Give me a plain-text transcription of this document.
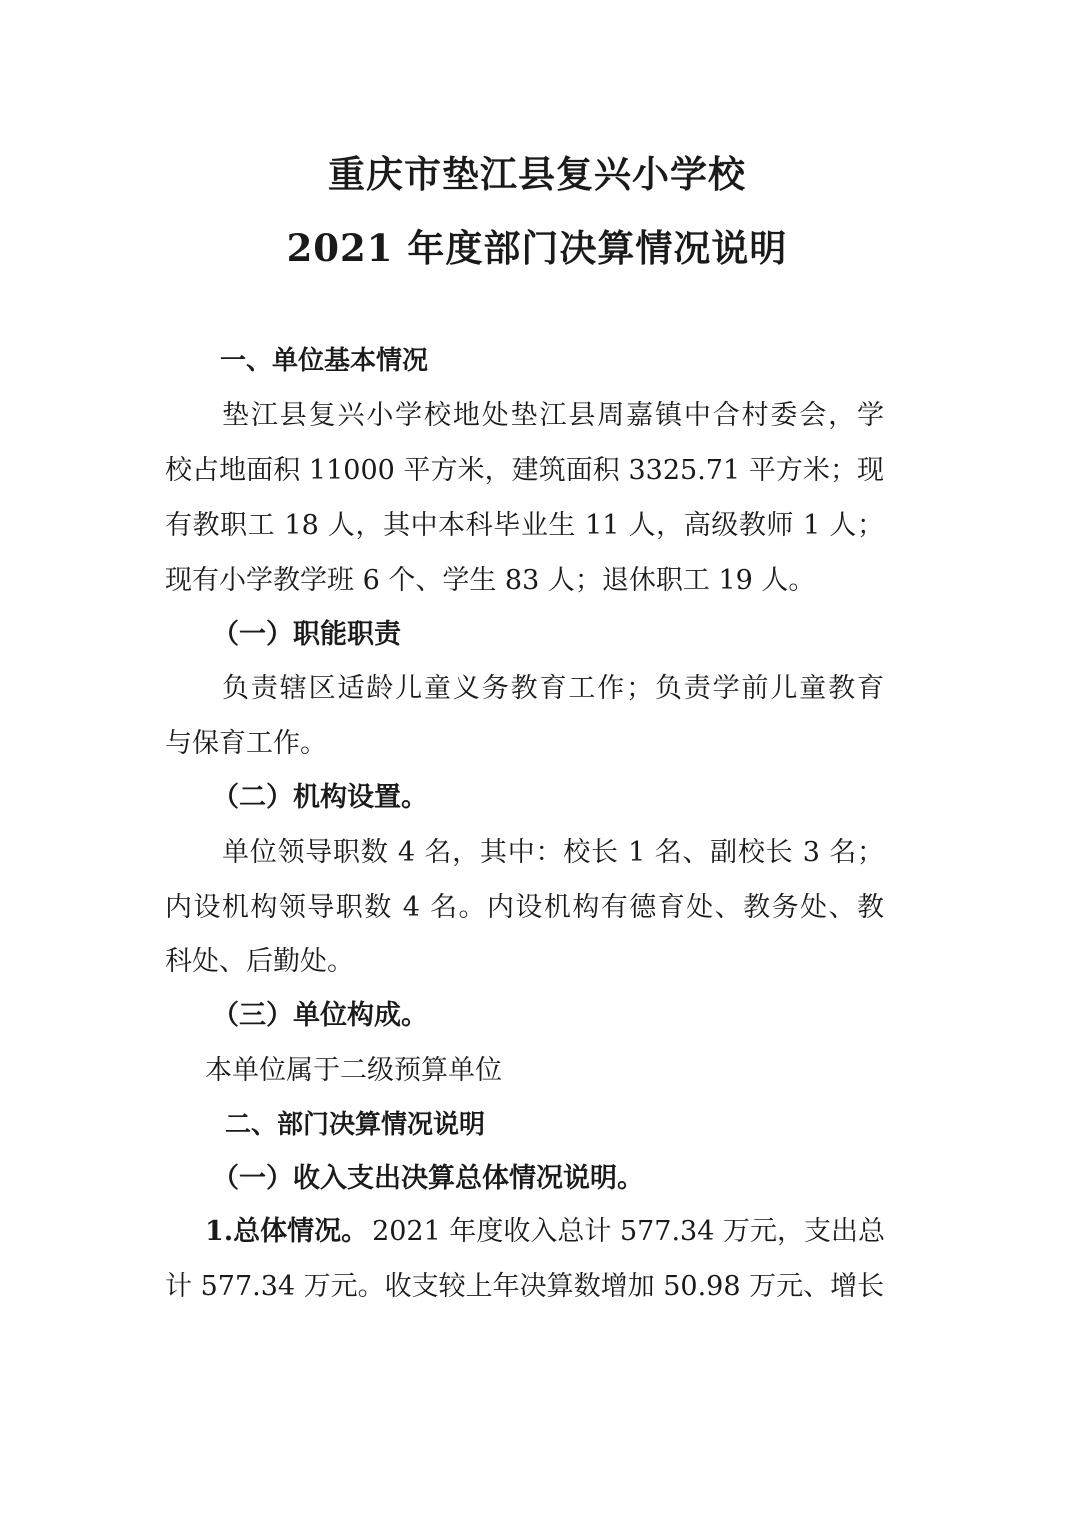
重庆市垫江县复兴小学校
2021 年度部门决算情况说明
一、单位基本情况
垫江县复兴小学校地处垫江县周嘉镇中合村委会，学
校占地面积 11000 平方米，建筑面积 3325.71 平方米；现
有教职工 18 人，其中本科毕业生 11 人，高级教师 1 人；
现有小学教学班 6 个、学生 83 人；退休职工 19 人。
（一）职能职责
负责辖区适龄儿童义务教育工作；负责学前儿童教育
与保育工作。
（二）机构设置。
单位领导职数 4 名，其中：校长 1 名、副校长 3 名；
内设机构领导职数 4 名。内设机构有德育处、教务处、教
科处、后勤处。
（三）单位构成。
本单位属于二级预算单位
二、部门决算情况说明
（一）收入支出决算总体情况说明。
1.总体情况。 2021 年度收入总计 577.34 万元，支出总
计 577.34 万元。收支较上年决算数增加 50.98 万元、增长
